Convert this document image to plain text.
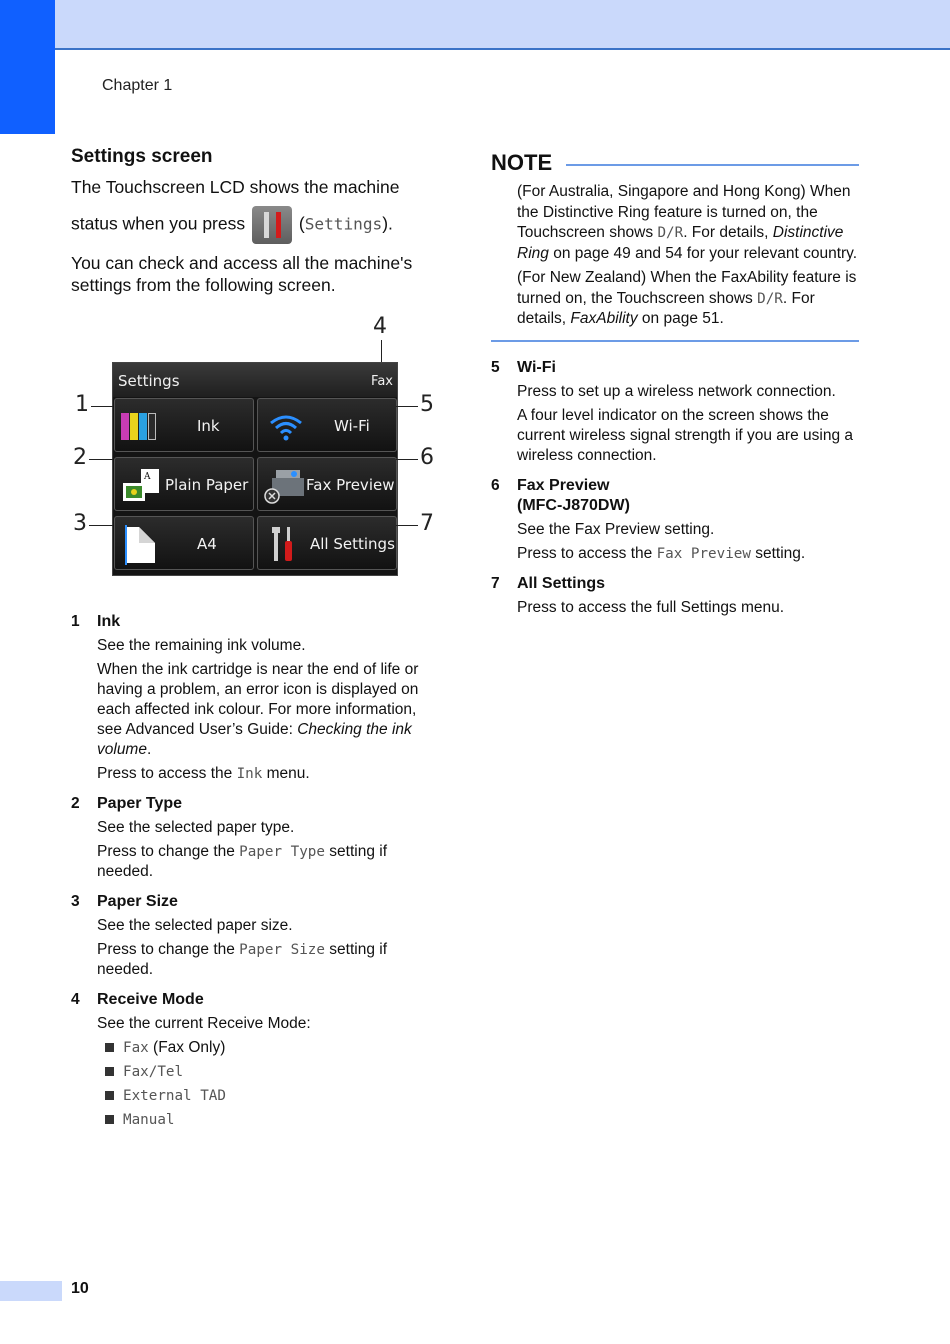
Chapter 1
Settings screen

The Touchscreen LCD shows the machine

status when you press	(Settings).

You can check and access all the machine's settings from the following screen.

4
Settings	Fax
Ink	Wi-Fi
A Plain Paper	Fax Preview
A4	All Settings
1
2
3
5
6
7
1 Ink

See the remaining ink volume.

When the ink cartridge is near the end of life or having a problem, an error icon is displayed on each affected ink colour. For more information, see Advanced User’s Guide: Checking the ink volume.

Press to access the Ink menu.

2 Paper Type

See the selected paper type.

Press to change the Paper Type setting if needed.

3 Paper Size

See the selected paper size.

Press to change the Paper Size setting if needed.

4 Receive Mode

See the current Receive Mode:

Fax (Fax Only)
Fax/Tel
External TAD
Manual
NOTE

(For Australia, Singapore and Hong Kong) When the Distinctive Ring feature is turned on, the Touchscreen shows D/R. For details, Distinctive Ring on page 49 and 54 for your relevant country.

(For New Zealand) When the FaxAbility feature is turned on, the Touchscreen shows D/R. For details, FaxAbility on page 51.

5 Wi-Fi

Press to set up a wireless network connection.

A four level indicator on the screen shows the current wireless signal strength if you are using a wireless connection.

6 Fax Preview
(MFC-J870DW)

See the Fax Preview setting.

Press to access the Fax Preview setting.

7 All Settings

Press to access the full Settings menu.

10
